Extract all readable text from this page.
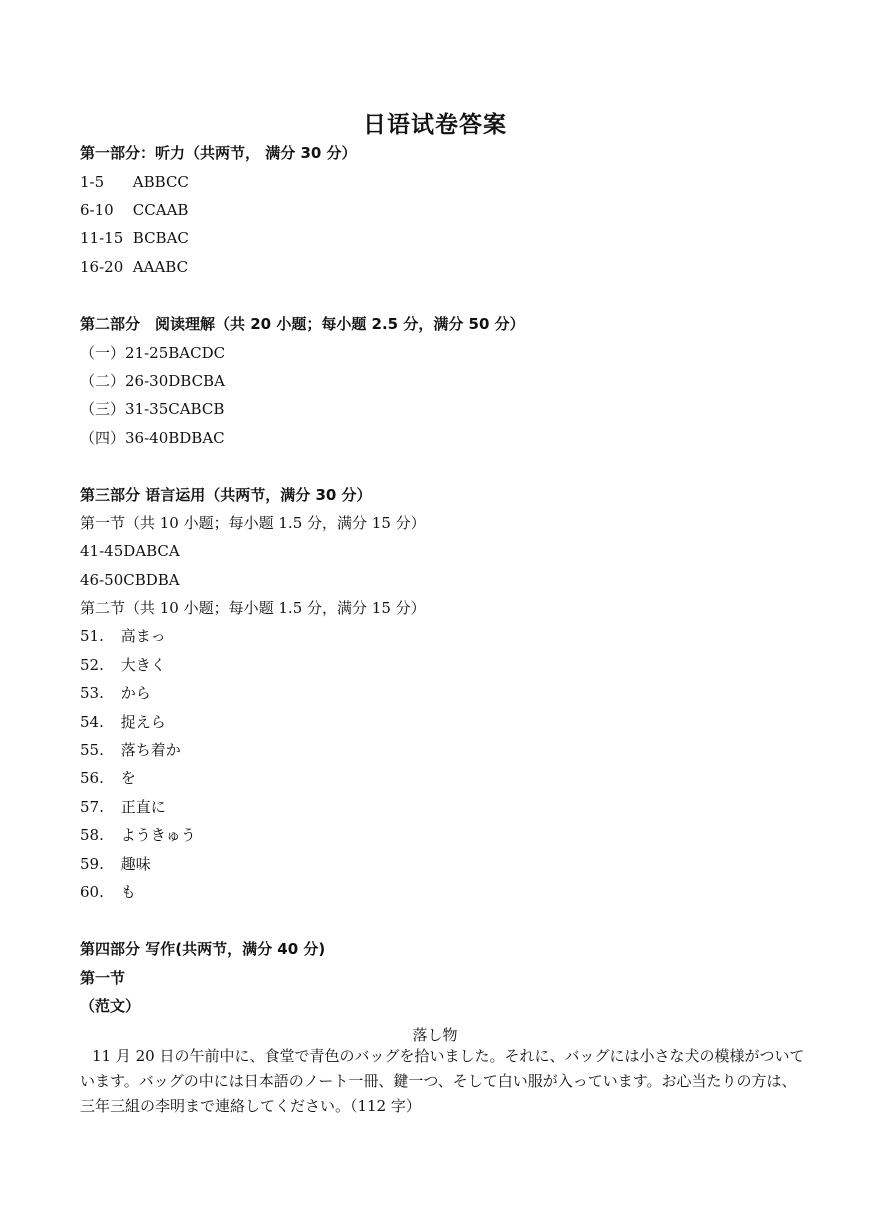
日语试卷答案
第一部分：听力（共两节， 满分 30 分）
1-5 ABBCC
6-10 CCAAB
11-15 BCBAC
16-20 AAABC
第二部分　阅读理解（共 20 小题；每小题 2.5 分，满分 50 分）
（一）21-25BACDC
（二）26-30DBCBA
（三）31-35CABCB
（四）36-40BDBAC
第三部分 语言运用（共两节，满分 30 分）
第一节（共 10 小题；每小题 1.5 分，满分 15 分）
41-45DABCA
46-50CBDBA
第二节（共 10 小题；每小题 1.5 分，满分 15 分）
51. 高まっ
52. 大きく
53. から
54. 捉えら
55. 落ち着か
56. を
57. 正直に
58. ようきゅう
59. 趣味
60. も
第四部分 写作(共两节，满分 40 分)
第一节
（范文）
落し物
11 月 20 日の午前中に、食堂で青色のバッグを拾いました。それに、バッグには小さな犬の模様がついています。バッグの中には日本語のノート一冊、鍵一つ、そして白い服が入っています。お心当たりの方は、三年三組の李明まで連絡してください。（112 字）
